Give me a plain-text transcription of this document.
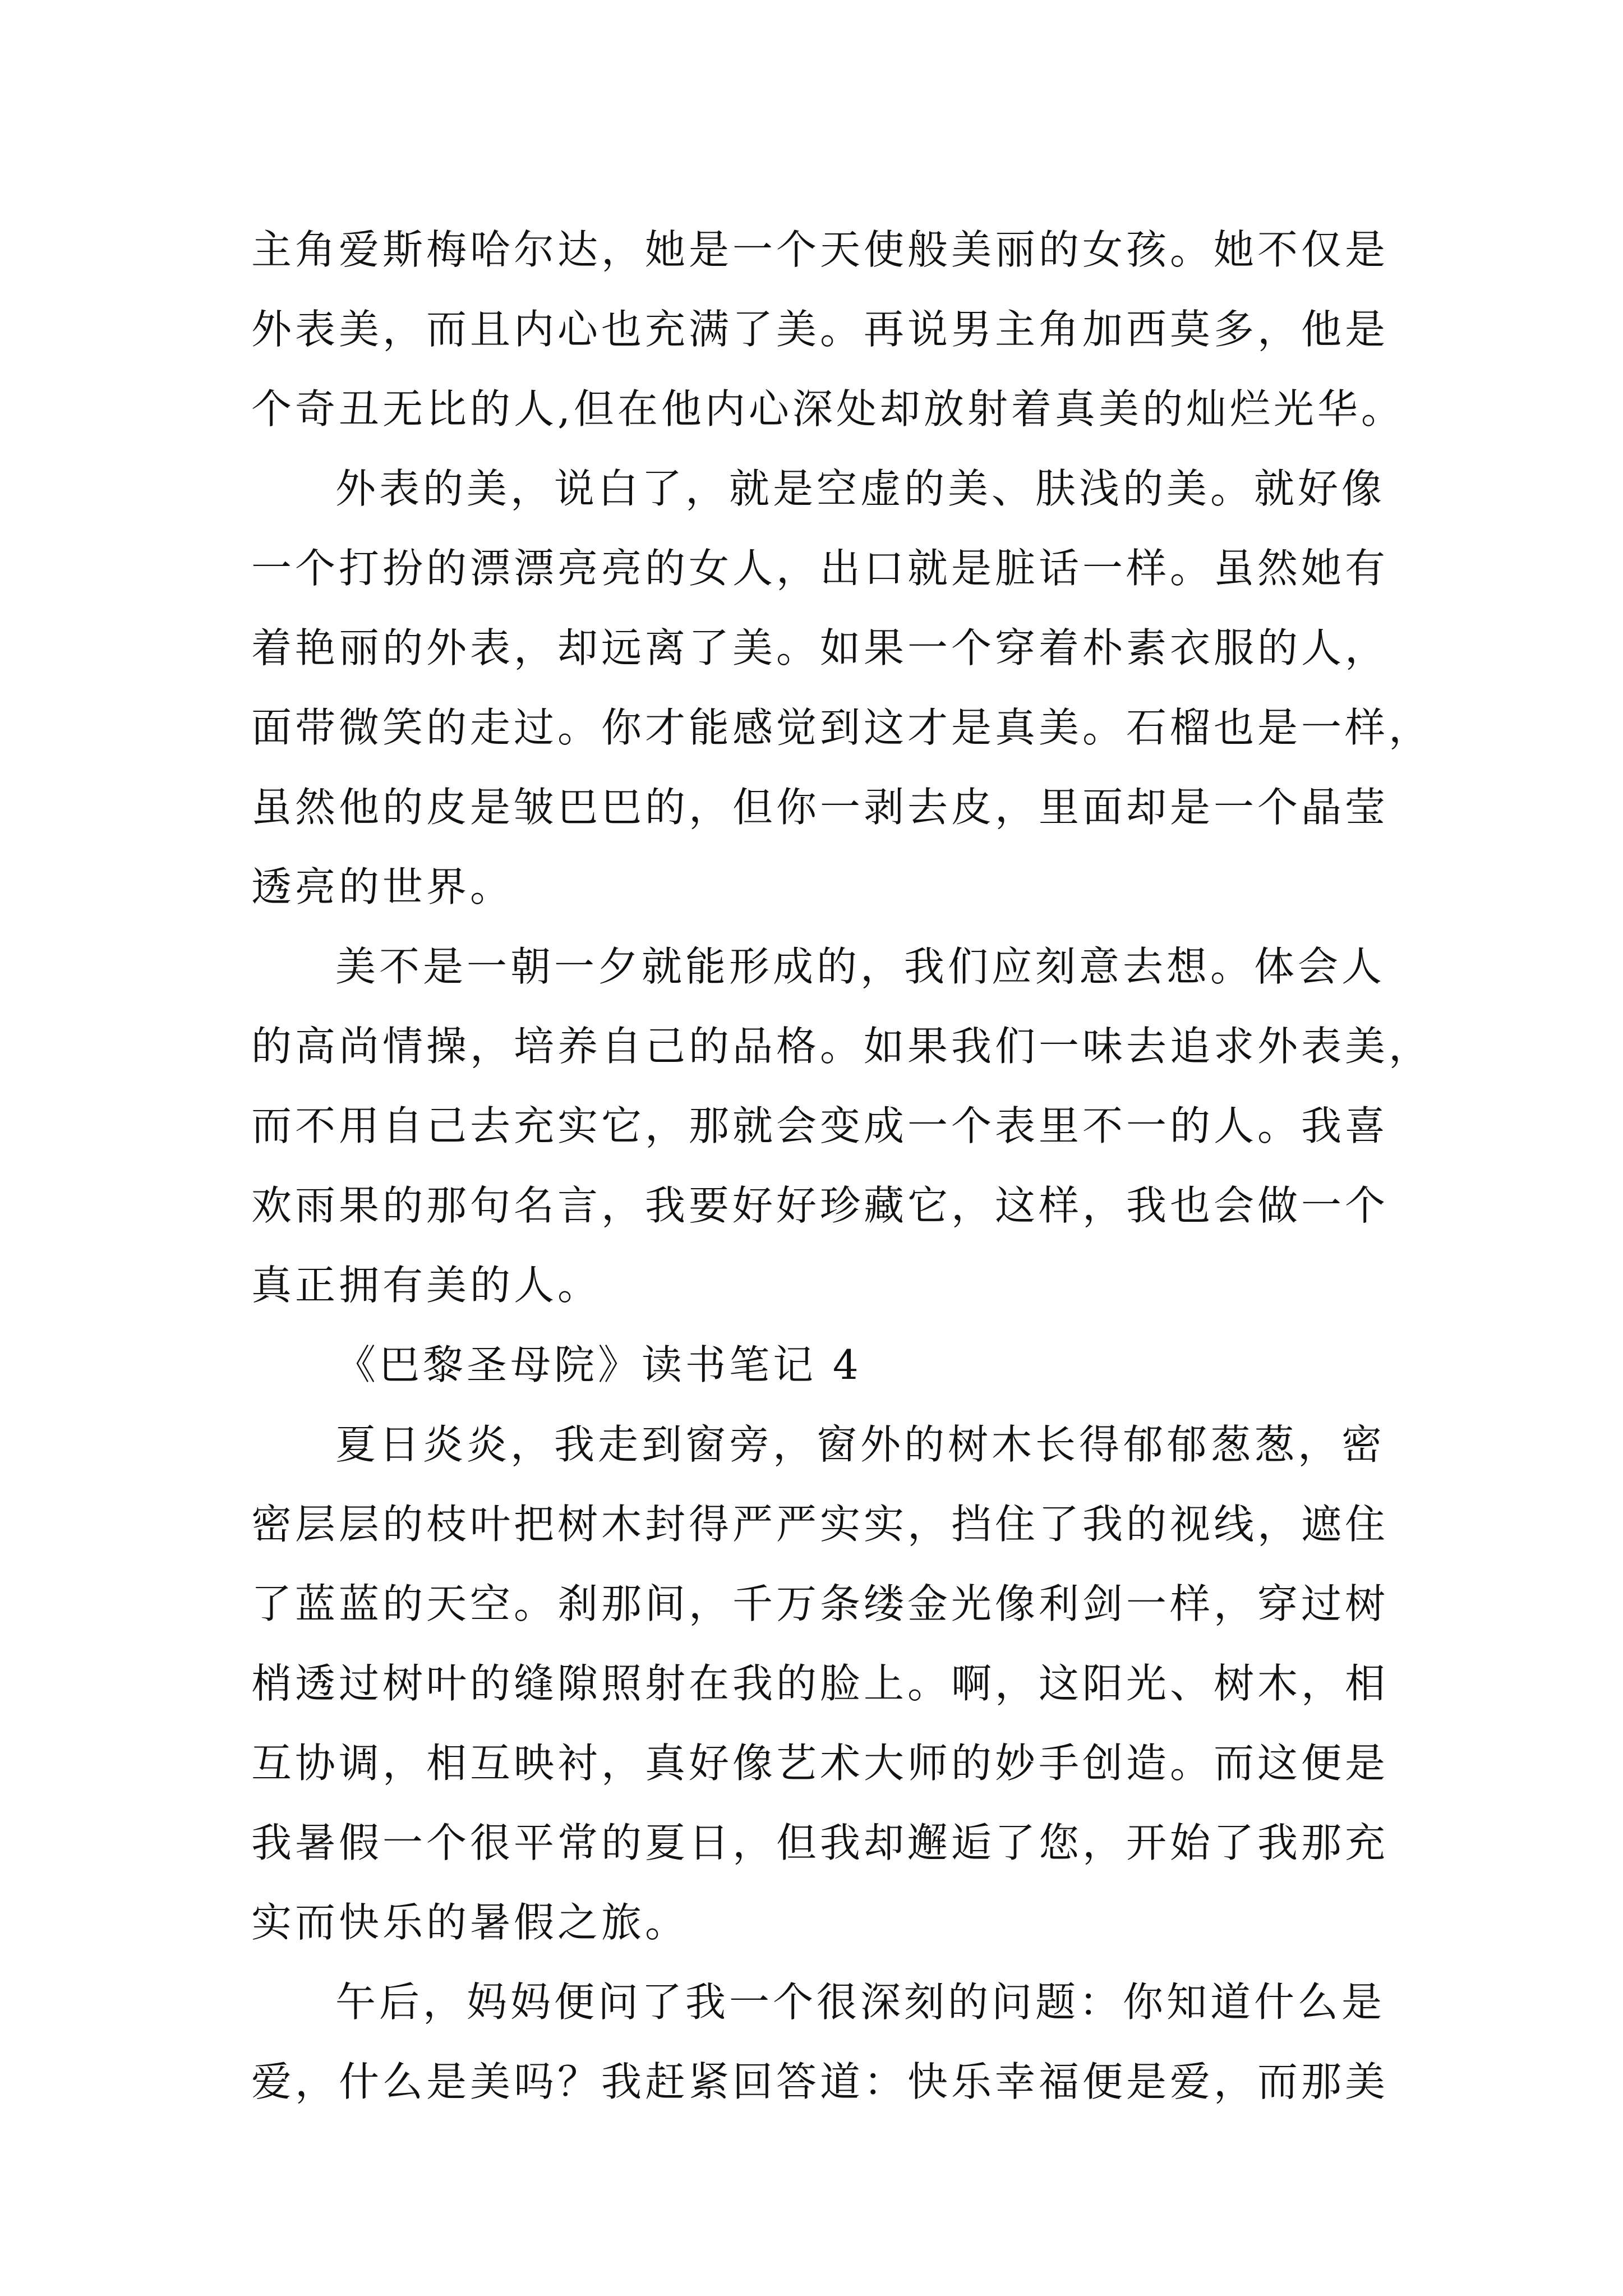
主角爱斯梅哈尔达，她是一个天使般美丽的女孩。她不仅是
外表美，而且内心也充满了美。再说男主角加西莫多，他是
个奇丑无比的人,但在他内心深处却放射着真美的灿烂光华。
外表的美，说白了，就是空虚的美、肤浅的美。就好像
一个打扮的漂漂亮亮的女人，出口就是脏话一样。虽然她有
着艳丽的外表，却远离了美。如果一个穿着朴素衣服的人，
面带微笑的走过。你才能感觉到这才是真美。石榴也是一样，
虽然他的皮是皱巴巴的，但你一剥去皮，里面却是一个晶莹
透亮的世界。
美不是一朝一夕就能形成的，我们应刻意去想。体会人
的高尚情操，培养自己的品格。如果我们一味去追求外表美，
而不用自己去充实它，那就会变成一个表里不一的人。我喜
欢雨果的那句名言，我要好好珍藏它，这样，我也会做一个
真正拥有美的人。
《巴黎圣母院》读书笔记 4
夏日炎炎，我走到窗旁，窗外的树木长得郁郁葱葱，密
密层层的枝叶把树木封得严严实实，挡住了我的视线，遮住
了蓝蓝的天空。刹那间，千万条缕金光像利剑一样，穿过树
梢透过树叶的缝隙照射在我的脸上。啊，这阳光、树木，相
互协调，相互映衬，真好像艺术大师的妙手创造。而这便是
我暑假一个很平常的夏日，但我却邂逅了您，开始了我那充
实而快乐的暑假之旅。
午后，妈妈便问了我一个很深刻的问题：你知道什么是
爱，什么是美吗？我赶紧回答道：快乐幸福便是爱，而那美
